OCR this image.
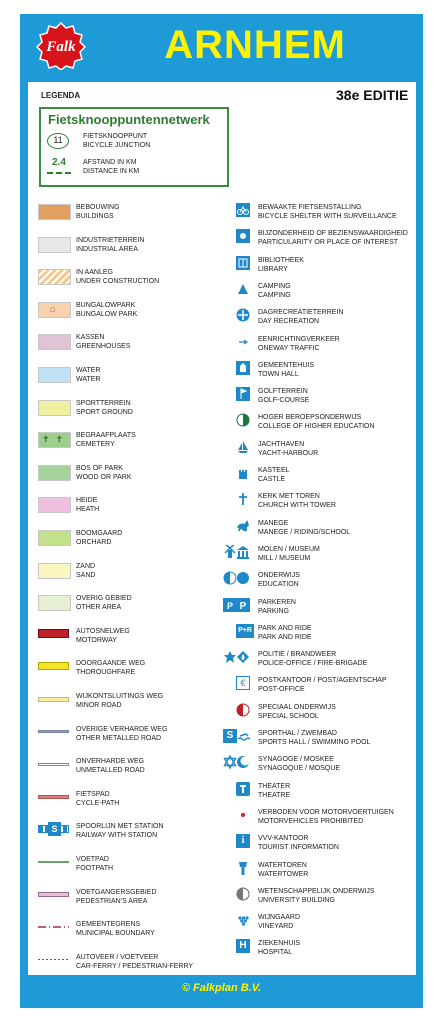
Falk	ARNHEM
LEGENDA	38e EDITIE
Fietsknooppuntennetwerk
11	FIETSKNOOPPUNT
BICYCLE JUNCTION
2.4 AFSTAND IN KM
DISTANCE IN KM
BEBOUWING
BUILDINGS
INDUSTRIETERREIN
INDUSTRIAL AREA
IN AANLEG
UNDER CONSTRUCTION
⌂	BUNGALOWPARK
BUNGALOW PARK
KASSEN
GREENHOUSES
WATER
WATER
SPORTTERREIN
SPORT GROUND
✝✝ BEGRAAFPLAATS
CEMETERY
BOS OF PARK
WOOD OR PARK
HEIDE
HEATH
BOOMGAARD
ORCHARD
ZAND
SAND
OVERIG GEBIED
OTHER AREA
AUTOSNELWEG
MOTORWAY
DOORGAANDE WEG
THOROUGHFARE
WIJKONTSLUITINGS WEG
MINOR ROAD
OVERIGE VERHARDE WEG
OTHER METALLED ROAD
ONVERHARDE WEG
UNMETALLED ROAD
FIETSPAD
CYCLE-PATH
S	SPOORLIJN MET STATION
RAILWAY WITH STATION
VOETPAD
FOOTPATH
VOETGANGERSGEBIED
PEDESTRIAN'S AREA
GEMEENTEGRENS
MUNICIPAL BOUNDARY
AUTOVEER / VOETVEER
CAR-FERRY / PEDESTRIAN-FERRY
BEWAAKTE FIETSENSTALLING
BICYCLE SHELTER WITH SURVEILLANCE
BIJZONDERHEID OF BEZIENSWAARDIGHEID
PARTICULARITY OR PLACE OF INTEREST
BIBLIOTHEEK
LIBRARY
CAMPING
CAMPING
DAGRECREATIETERREIN
DAY RECREATION
EENRICHTINGVERKEER
ONEWAY TRAFFIC
GEMEENTEHUIS
TOWN HALL
GOLFTERREIN
GOLF-COURSE
HOGER BEROEPSONDERWIJS
COLLEGE OF HIGHER EDUCATION
JACHTHAVEN
YACHT-HARBOUR
KASTEEL
CASTLE
KERK MET TOREN
CHURCH WITH TOWER
MANEGE
MANEGE / RIDING/SCHOOL
MOLEN / MUSEUM
MILL / MUSEUM
ONDERWIJS
EDUCATION
P P PARKEREN
PARKING
P+R PARK AND RIDE
PARK AND RIDE
POLITIE / BRANDWEER
POLICE-OFFICE / FIRE-BRIGADE
€	POSTKANTOOR / POST/AGENTSCHAP
POST-OFFICE
SPECIAAL ONDERWIJS
SPECIAL SCHOOL
S	SPORTHAL / ZWEMBAD
SPORTS HALL / SWIMMING POOL
SYNAGOGE / MOSKEE
SYNAGOQUE / MOSQUE
THEATER
THEATRE
VERBODEN VOOR MOTORVOERTUIGEN
MOTORVEHICLES PROHIBITED
i	VVV-KANTOOR
TOURIST INFORMATION
WATERTOREN
WATERTOWER
WETENSCHAPPELIJK ONDERWIJS
UNIVERSITY BUILDING
WIJNGAARD
VINEYARD
H	ZIEKENHUIS
HOSPITAL
© Falkplan B.V.
